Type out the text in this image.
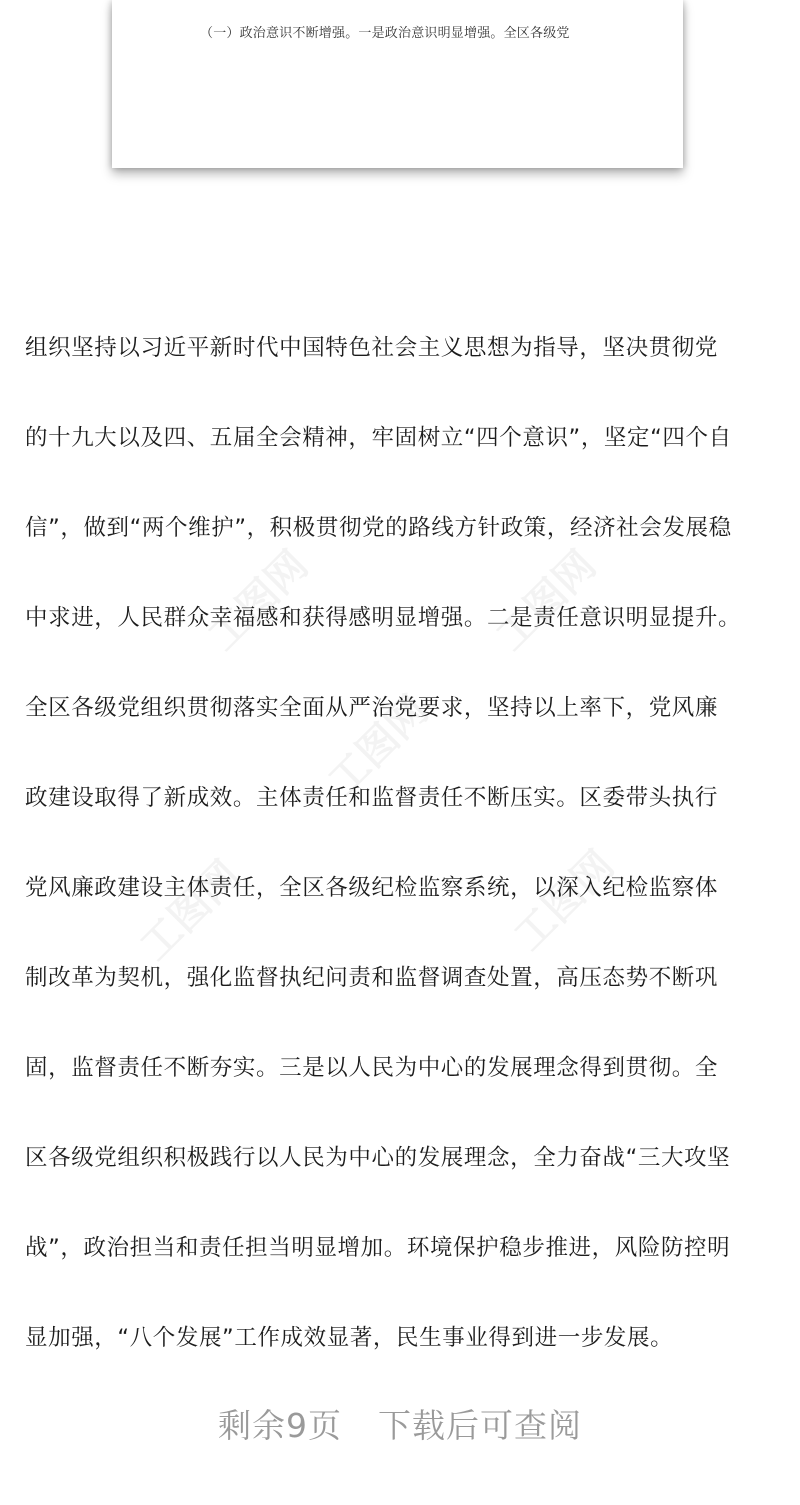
（一）政治意识不断增强。一是政治意识明显增强。全区各级党
工图网	工图网
工图网
工图网	工图网
组织坚持以习近平新时代中国特色社会主义思想为指导，坚决贯彻党
的十九大以及四、五届全会精神，牢固树立“四个意识”，坚定“四个自
信”，做到“两个维护”，积极贯彻党的路线方针政策，经济社会发展稳
中求进，人民群众幸福感和获得感明显增强。二是责任意识明显提升。
全区各级党组织贯彻落实全面从严治党要求，坚持以上率下，党风廉
政建设取得了新成效。主体责任和监督责任不断压实。区委带头执行
党风廉政建设主体责任，全区各级纪检监察系统，以深入纪检监察体
制改革为契机，强化监督执纪问责和监督调查处置，高压态势不断巩
固，监督责任不断夯实。三是以人民为中心的发展理念得到贯彻。全
区各级党组织积极践行以人民为中心的发展理念，全力奋战“三大攻坚
战”，政治担当和责任担当明显增加。环境保护稳步推进，风险防控明
显加强，“八个发展”工作成效显著，民生事业得到进一步发展。
剩余9页 下载后可查阅
